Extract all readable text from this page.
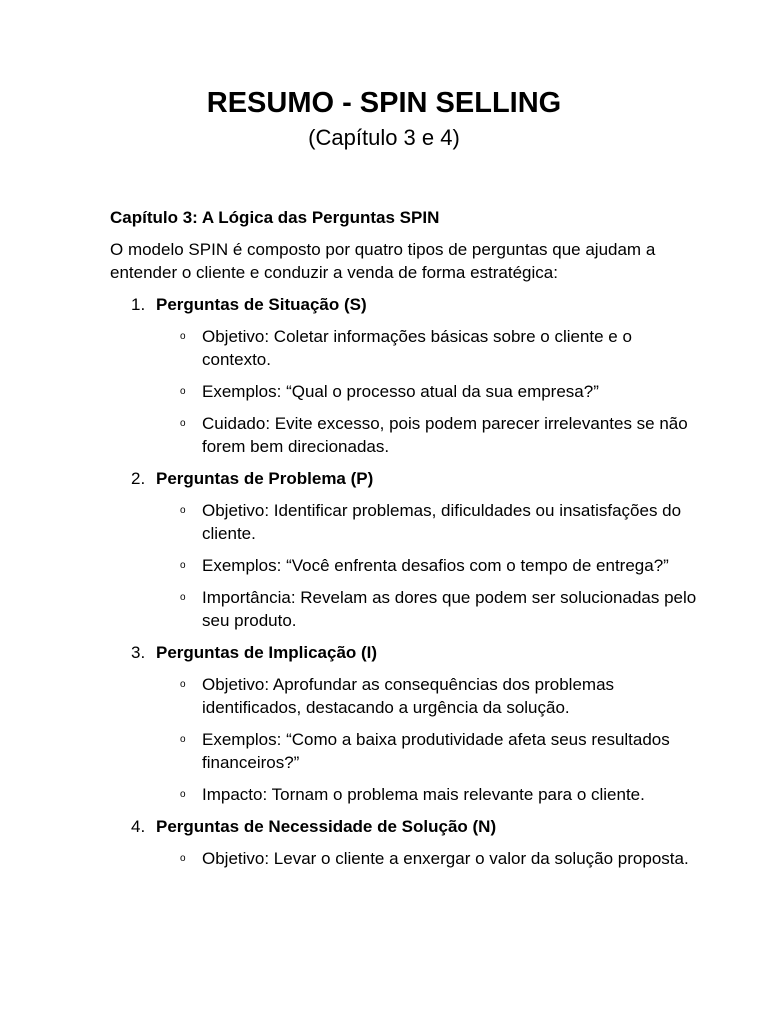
RESUMO - SPIN SELLING
(Capítulo 3 e 4)
Capítulo 3: A Lógica das Perguntas SPIN
O modelo SPIN é composto por quatro tipos de perguntas que ajudam a entender o cliente e conduzir a venda de forma estratégica:
1. Perguntas de Situação (S)
o Objetivo: Coletar informações básicas sobre o cliente e o contexto.
o Exemplos: “Qual o processo atual da sua empresa?”
o Cuidado: Evite excesso, pois podem parecer irrelevantes se não forem bem direcionadas.
2. Perguntas de Problema (P)
o Objetivo: Identificar problemas, dificuldades ou insatisfações do cliente.
o Exemplos: “Você enfrenta desafios com o tempo de entrega?”
o Importância: Revelam as dores que podem ser solucionadas pelo seu produto.
3. Perguntas de Implicação (I)
o Objetivo: Aprofundar as consequências dos problemas identificados, destacando a urgência da solução.
o Exemplos: “Como a baixa produtividade afeta seus resultados financeiros?”
o Impacto: Tornam o problema mais relevante para o cliente.
4. Perguntas de Necessidade de Solução (N)
o Objetivo: Levar o cliente a enxergar o valor da solução proposta.
